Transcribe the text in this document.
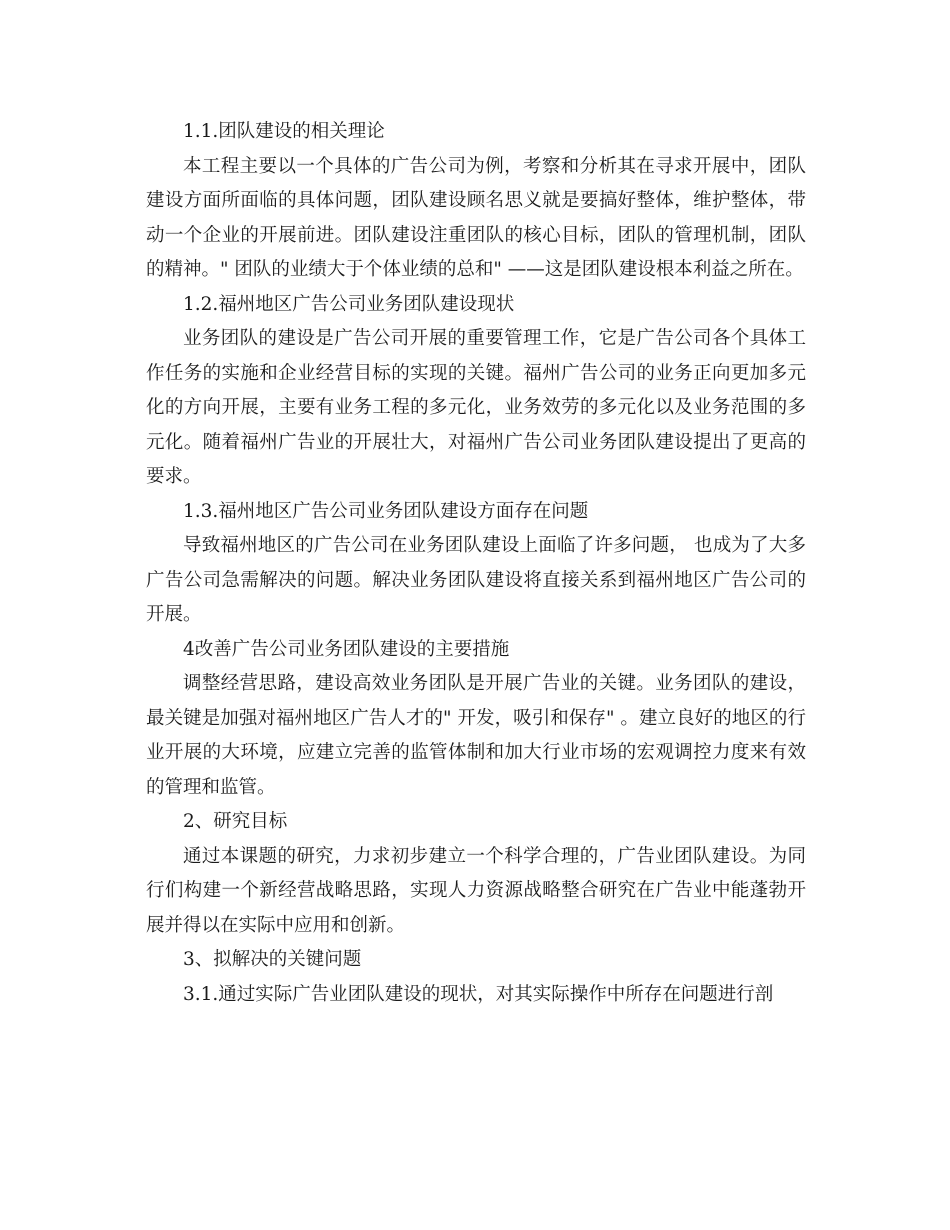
1.1.团队建设的相关理论

本工程主要以一个具体的广告公司为例，考察和分析其在寻求开展中，团队建设方面所面临的具体问题，团队建设顾名思义就是要搞好整体，维护整体，带动一个企业的开展前进。团队建设注重团队的核心目标，团队的管理机制，团队的精神。" 团队的业绩大于个体业绩的总和" ——这是团队建设根本利益之所在。

1.2.福州地区广告公司业务团队建设现状

业务团队的建设是广告公司开展的重要管理工作，它是广告公司各个具体工作任务的实施和企业经营目标的实现的关键。福州广告公司的业务正向更加多元化的方向开展，主要有业务工程的多元化，业务效劳的多元化以及业务范围的多元化。随着福州广告业的开展壮大，对福州广告公司业务团队建设提出了更高的要求。

1.3.福州地区广告公司业务团队建设方面存在问题

导致福州地区的广告公司在业务团队建设上面临了许多问题， 也成为了大多广告公司急需解决的问题。解决业务团队建设将直接关系到福州地区广告公司的开展。

4改善广告公司业务团队建设的主要措施

调整经营思路，建设高效业务团队是开展广告业的关键。业务团队的建设，最关键是加强对福州地区广告人才的" 开发，吸引和保存" 。建立良好的地区的行业开展的大环境，应建立完善的监管体制和加大行业市场的宏观调控力度来有效的管理和监管。

2、研究目标

通过本课题的研究，力求初步建立一个科学合理的，广告业团队建设。为同行们构建一个新经营战略思路，实现人力资源战略整合研究在广告业中能蓬勃开展并得以在实际中应用和创新。

3、拟解决的关键问题

3.1.通过实际广告业团队建设的现状，对其实际操作中所存在问题进行剖
